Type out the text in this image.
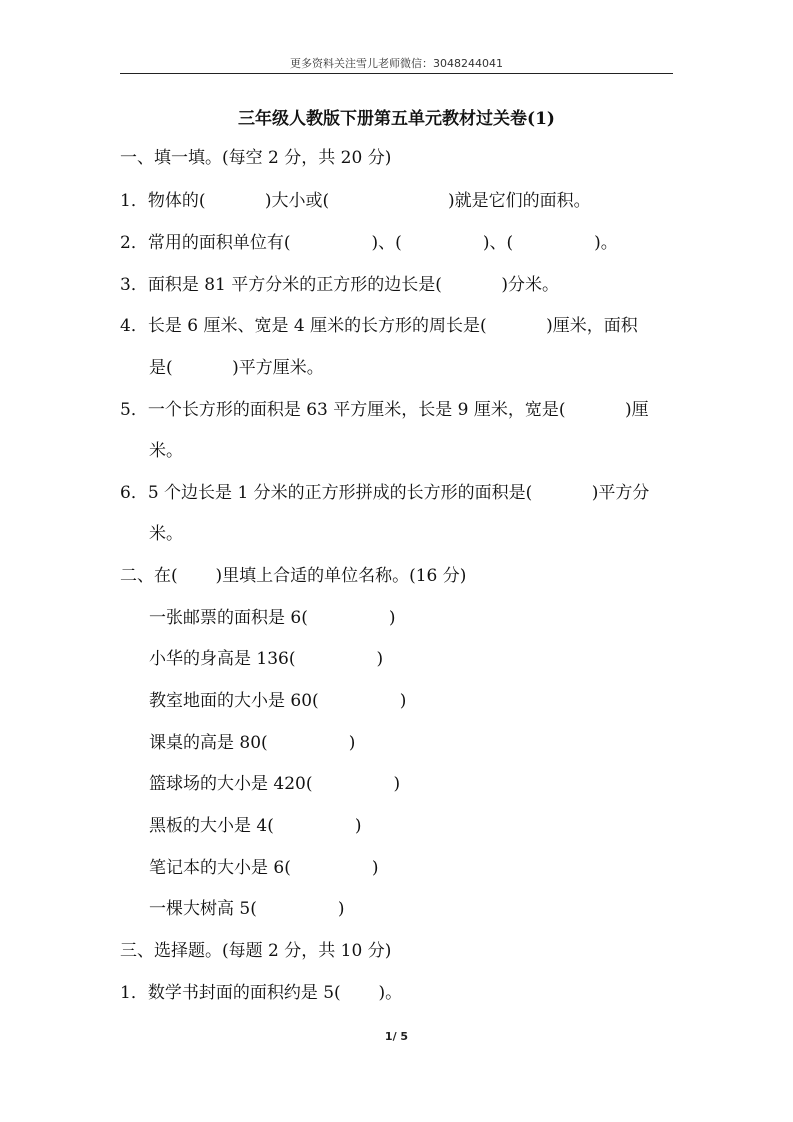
更多资料关注雪儿老师微信：3048244041
三年级人教版下册第五单元教材过关卷(1)
一、填一填。(每空 2 分，共 20 分)
1．物体的(           )大小或(                      )就是它们的面积。
2．常用的面积单位有(               )、(               )、(               )。
3．面积是 81 平方分米的正方形的边长是(           )分米。
4．长是 6 厘米、宽是 4 厘米的长方形的周长是(           )厘米，面积
是(           )平方厘米。
5．一个长方形的面积是 63 平方厘米，长是 9 厘米，宽是(           )厘
米。
6．5 个边长是 1 分米的正方形拼成的长方形的面积是(           )平方分
米。
二、在(       )里填上合适的单位名称。(16 分)
一张邮票的面积是 6(               )
小华的身高是 136(               )
教室地面的大小是 60(               )
课桌的高是 80(               )
篮球场的大小是 420(               )
黑板的大小是 4(               )
笔记本的大小是 6(               )
一棵大树高 5(               )
三、选择题。(每题 2 分，共 10 分)
1．数学书封面的面积约是 5(       )。
1/ 5
